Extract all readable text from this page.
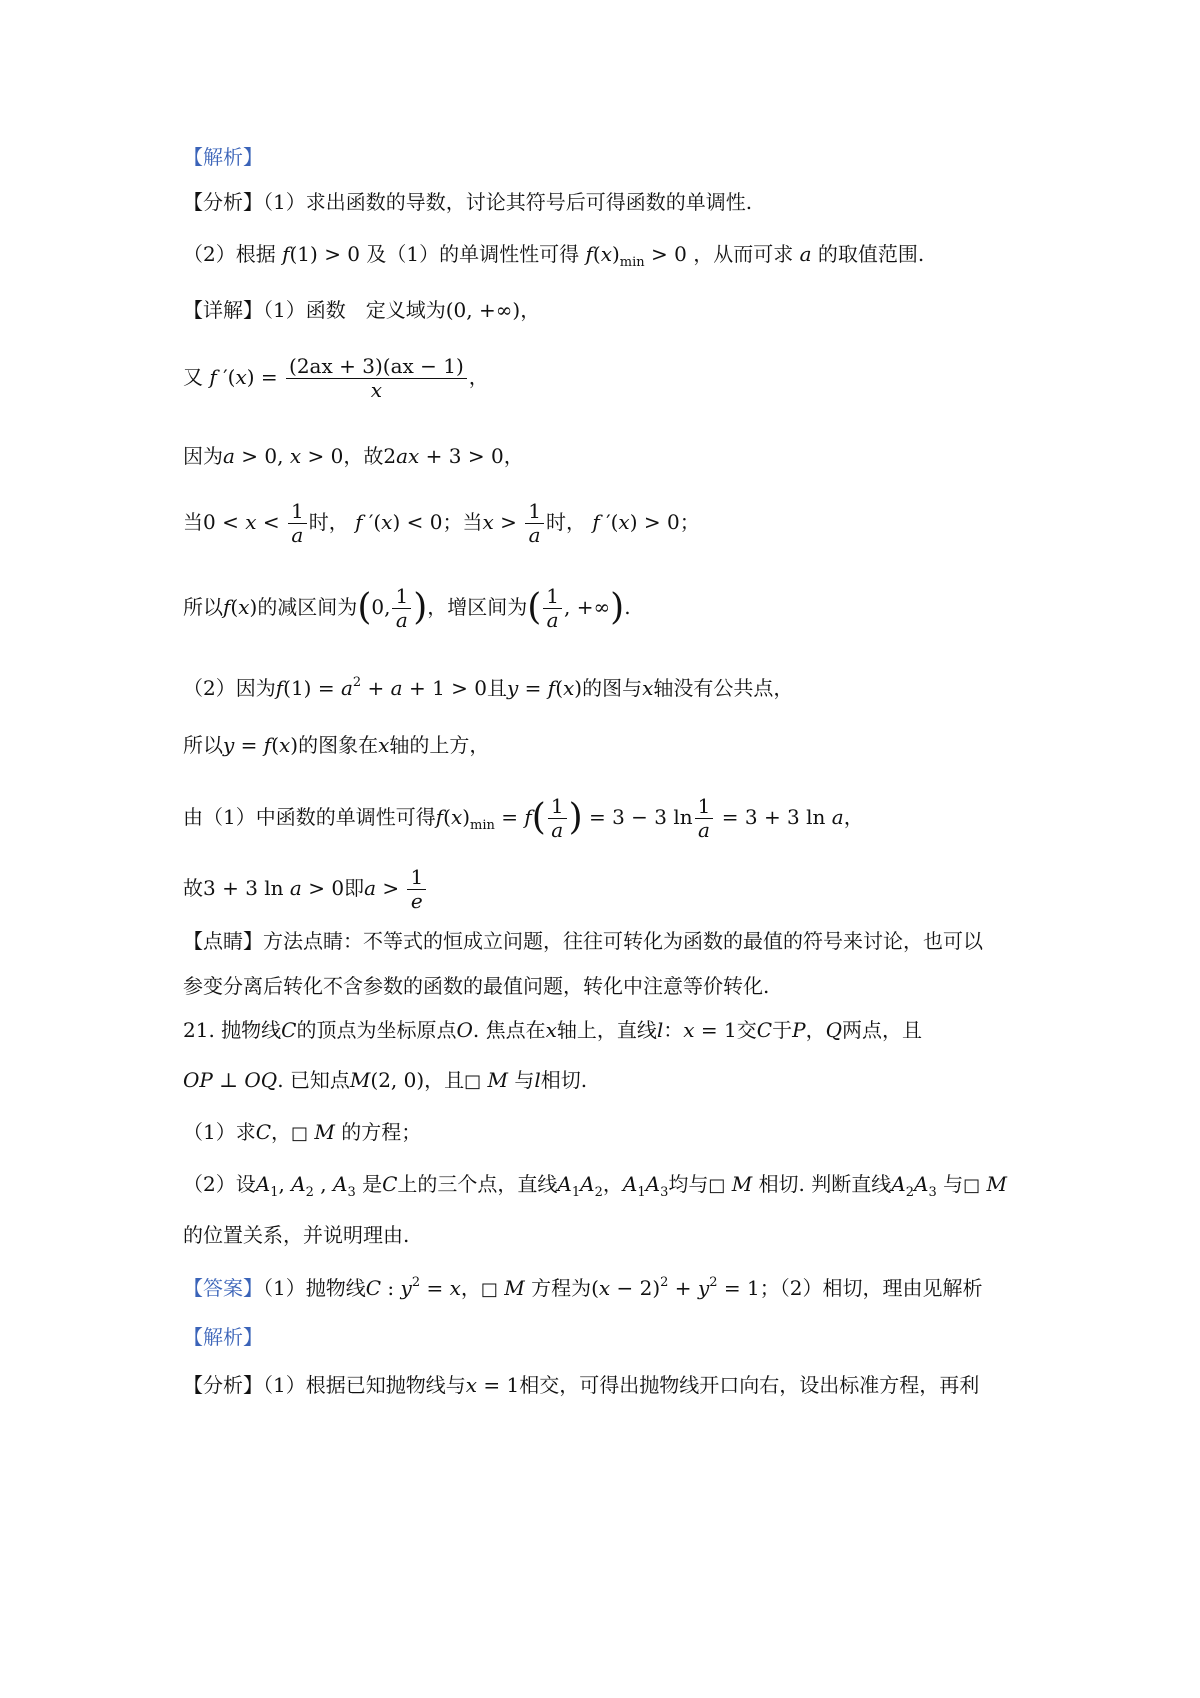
【解析】
【分析】（1）求出函数的导数，讨论其符号后可得函数的单调性.
（2）根据 f(1) > 0 及（1）的单调性性可得 $f(x)_{min} > 0$ ，从而可求 a 的取值范围.
【详解】（1）函数　定义域为(0, +∞)，
又 f $'(x) = \frac{(2ax + 3)(ax - 1)}{x}$ ，
因为a > 0, x > 0，故2ax + 3 > 0，
当$0 < x < \frac{1}{a}$ 时， f ′(x) < 0；当$x > \frac{1}{a}$ 时， f ′(x) > 0；
所以f(x)的减区间为(0, $\frac{1}{a}$ )，增区间为( $\frac{1}{a}$ , +∞).
（2）因为$f(1) = a^2 + a + 1 > 0$且y = f(x)的图与x轴没有公共点，
所以y = f(x)的图象在x轴的上方，
由（1）中函数的单调性可得$f(x)_{min} = f( \frac{1}{a}$ ) = 3 − 3 $\ln \frac{1}{a} = 3 + 3$ ln a，
故3 + 3 ln a > 0即$a > \frac{1}{e}$
【点睛】方法点睛：不等式的恒成立问题，往往可转化为函数的最值的符号来讨论，也可以
参变分离后转化不含参数的函数的最值问题，转化中注意等价转化.
21. 抛物线C的顶点为坐标原点O. 焦点在x轴上，直线l：x = 1交C于P，Q两点，且
OP ⊥ OQ. 已知点M(2, 0)，且□ M 与l相切.
（1）求C，□ M 的方程；
（2）设$A_1$, $A_2$ , $A_3$ 是C上的三个点，直线$A_1A_2$，$A_1A_3$均与□ M 相切. 判断直线$A_2A_3$ 与□ M
的位置关系，并说明理由.
【答案】（1）抛物线C : $y^2 = x$，□ M 方程为$(x - 2)^2 + y^2 = 1$；（2）相切，理由见解析
【解析】
【分析】（1）根据已知抛物线与x = 1相交，可得出抛物线开口向右，设出标准方程，再利
